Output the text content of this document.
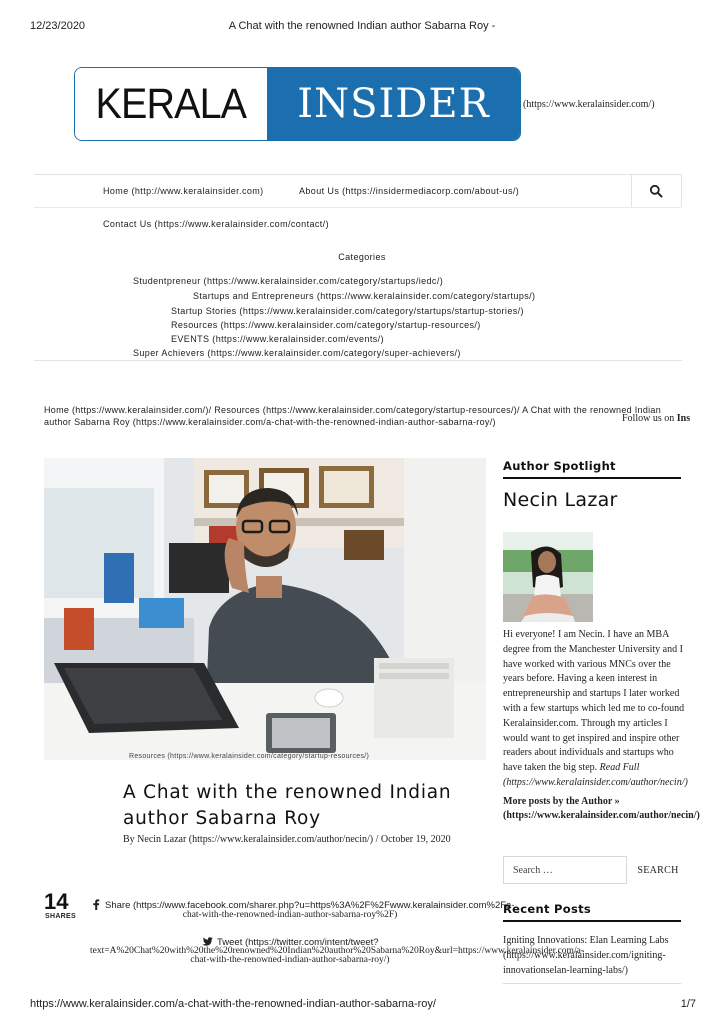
12/23/2020	A Chat with the renowned Indian author Sabarna Roy -
KERALA INSIDER	(https://www.keralainsider.com/)
Home (http://www.keralainsider.com)	About Us (https://insidermediacorp.com/about-us/)
Contact Us (https://www.keralainsider.com/contact/)
Categories
Studentpreneur (https://www.keralainsider.com/category/startups/iedc/)
Startups and Entrepreneurs (https://www.keralainsider.com/category/startups/)
Startup Stories (https://www.keralainsider.com/category/startups/startup-stories/)
Resources (https://www.keralainsider.com/category/startup-resources/)
EVENTS (https://www.keralainsider.com/events/)
Super Achievers (https://www.keralainsider.com/category/super-achievers/)
Home (https://www.keralainsider.com/)/ Resources (https://www.keralainsider.com/category/startup-resources/)/ A Chat with the renowned Indian author Sabarna Roy (https://www.keralainsider.com/a-chat-with-the-renowned-indian-author-sabarna-roy/)	Follow us on Ins
Resources (https://www.keralainsider.com/category/startup-resources/)
A Chat with the renowned Indian author Sabarna Roy
By Necin Lazar (https://www.keralainsider.com/author/necin/) / October 19, 2020
14
SHARES
Share (https://www.facebook.com/sharer.php?u=https%3A%2F%2Fwww.keralainsider.com%2Fa-
chat-with-the-renowned-indian-author-sabarna-roy%2F)
Tweet (https://twitter.com/intent/tweet?
text=A%20Chat%20with%20the%20renowned%20Indian%20author%20Sabarna%20Roy&url=https://www.keralainsider.com/a-
chat-with-the-renowned-indian-author-sabarna-roy/)
Author Spotlight
Necin Lazar
Hi everyone! I am Necin. I have an MBA degree from the Manchester University and I have worked with various MNCs over the years before. Having a keen interest in entrepreneurship and startups I later worked with a few startups which led me to co-found Keralainsider.com. Through my articles I would want to get inspired and inspire other readers about individuals and startups who have taken the big step. Read Full (https://www.keralainsider.com/author/necin/)
More posts by the Author »
(https://www.keralainsider.com/author/necin/)
Search …
SEARCH
Recent Posts
Igniting Innovations: Elan Learning Labs
(https://www.keralainsider.com/igniting-
innovationselan-learning-labs/)
https://www.keralainsider.com/a-chat-with-the-renowned-indian-author-sabarna-roy/	1/7
